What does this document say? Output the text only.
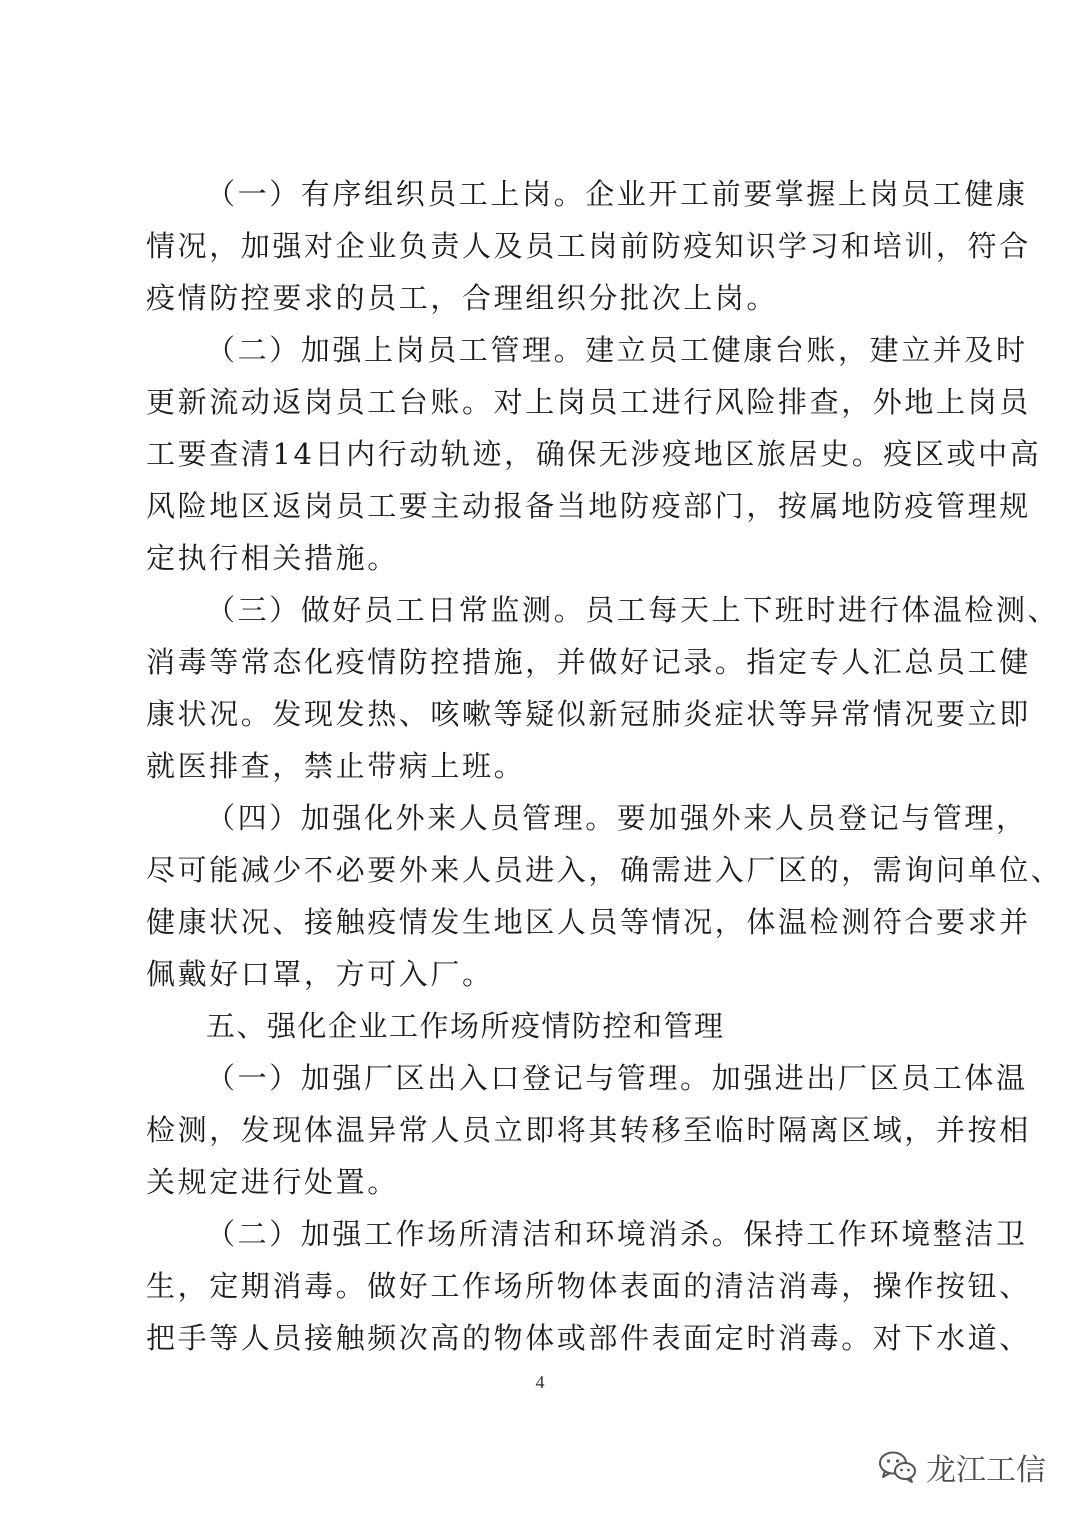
（一）有序组织员工上岗。企业开工前要掌握上岗员工健康
情况，加强对企业负责人及员工岗前防疫知识学习和培训，符合
疫情防控要求的员工，合理组织分批次上岗。
（二）加强上岗员工管理。建立员工健康台账，建立并及时
更新流动返岗员工台账。对上岗员工进行风险排查，外地上岗员
工要查清14日内行动轨迹，确保无涉疫地区旅居史。疫区或中高
风险地区返岗员工要主动报备当地防疫部门，按属地防疫管理规
定执行相关措施。
（三）做好员工日常监测。员工每天上下班时进行体温检测、
消毒等常态化疫情防控措施，并做好记录。指定专人汇总员工健
康状况。发现发热、咳嗽等疑似新冠肺炎症状等异常情况要立即
就医排查，禁止带病上班。
（四）加强化外来人员管理。要加强外来人员登记与管理，
尽可能减少不必要外来人员进入，确需进入厂区的，需询问单位、
健康状况、接触疫情发生地区人员等情况，体温检测符合要求并
佩戴好口罩，方可入厂。
五、强化企业工作场所疫情防控和管理
（一）加强厂区出入口登记与管理。加强进出厂区员工体温
检测，发现体温异常人员立即将其转移至临时隔离区域，并按相
关规定进行处置。
（二）加强工作场所清洁和环境消杀。保持工作环境整洁卫
生，定期消毒。做好工作场所物体表面的清洁消毒，操作按钮、
把手等人员接触频次高的物体或部件表面定时消毒。对下水道、
4
龙江工信
